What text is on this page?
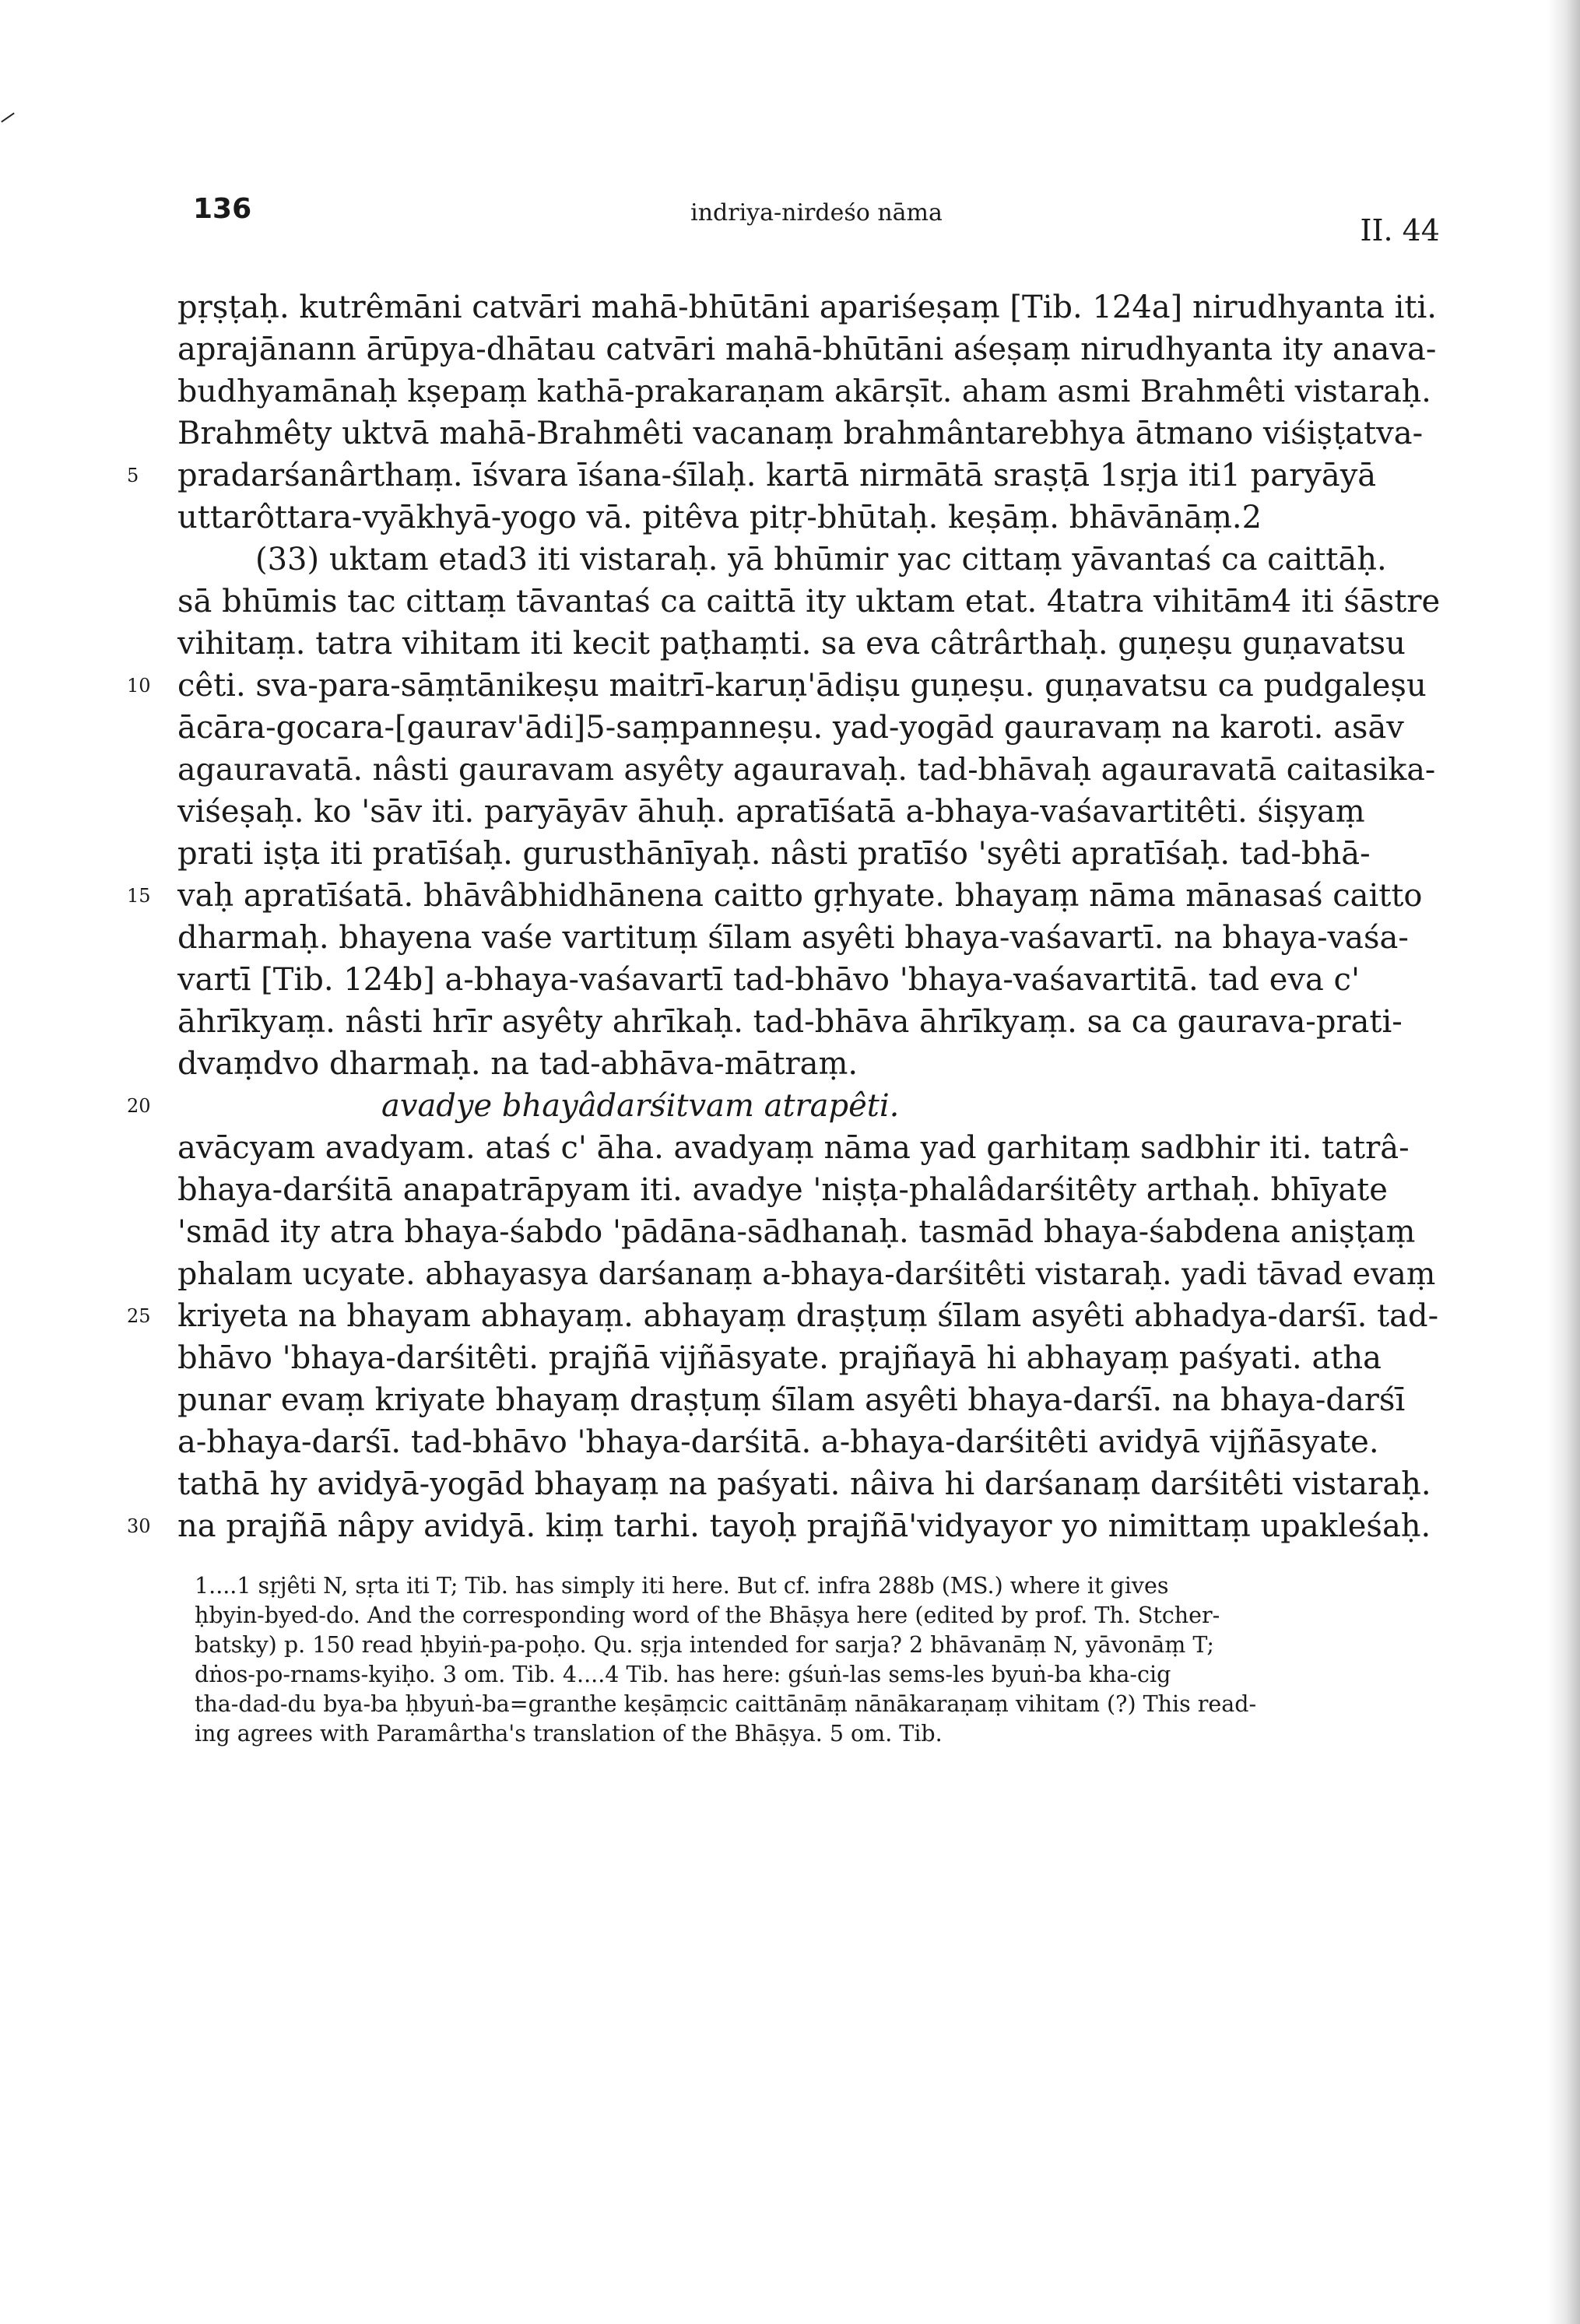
136	indriya-nirdeśo nāma
II. 44
pṛṣṭaḥ. kutrêmāni catvāri mahā-bhūtāni apariśeṣaṃ [Tib. 124a] nirudhyanta iti.
aprajānann ārūpya-dhātau catvāri mahā-bhūtāni aśeṣaṃ nirudhyanta ity anava-
budhyamānaḥ kṣepaṃ kathā-prakaraṇam akārṣīt. aham asmi Brahmêti vistaraḥ.
Brahmêty uktvā mahā-Brahmêti vacanaṃ brahmântarebhya ātmano viśiṣṭatva-
pradarśanârthaṃ. īśvara īśana-śīlaḥ. kartā nirmātā sraṣṭā 1sṛja iti1 paryāyā
uttarôttara-vyākhyā-yogo vā. pitêva pitṛ-bhūtaḥ. keṣāṃ. bhāvānāṃ.2
(33) uktam etad3 iti vistaraḥ. yā bhūmir yac cittaṃ yāvantaś ca caittāḥ.
sā bhūmis tac cittaṃ tāvantaś ca caittā ity uktam etat. 4tatra vihitām4 iti śāstre
vihitaṃ. tatra vihitam iti kecit paṭhaṃti. sa eva câtrârthaḥ. guṇeṣu guṇavatsu
cêti. sva-para-sāṃtānikeṣu maitrī-karuṇ'ādiṣu guṇeṣu. guṇavatsu ca pudgaleṣu
ācāra-gocara-[gaurav'ādi]5-saṃpanneṣu. yad-yogād gauravaṃ na karoti. asāv
agauravatā. nâsti gauravam asyêty agauravaḥ. tad-bhāvaḥ agauravatā caitasika-
viśeṣaḥ. ko 'sāv iti. paryāyāv āhuḥ. apratīśatā a-bhaya-vaśavartitêti. śiṣyaṃ
prati iṣṭa iti pratīśaḥ. gurusthānīyaḥ. nâsti pratīśo 'syêti apratīśaḥ. tad-bhā-
vaḥ apratīśatā. bhāvâbhidhānena caitto gṛhyate. bhayaṃ nāma mānasaś caitto
dharmaḥ. bhayena vaśe vartituṃ śīlam asyêti bhaya-vaśavartī. na bhaya-vaśa-
vartī [Tib. 124b] a-bhaya-vaśavartī tad-bhāvo 'bhaya-vaśavartitā. tad eva c'
āhrīkyaṃ. nâsti hrīr asyêty ahrīkaḥ. tad-bhāva āhrīkyaṃ. sa ca gaurava-prati-
dvaṃdvo dharmaḥ. na tad-abhāva-mātraṃ.
avadye bhayâdarśitvam atrapêti.
avācyam avadyam. ataś c' āha. avadyaṃ nāma yad garhitaṃ sadbhir iti. tatrâ-
bhaya-darśitā anapatrāpyam iti. avadye 'niṣṭa-phalâdarśitêty arthaḥ. bhīyate
'smād ity atra bhaya-śabdo 'pādāna-sādhanaḥ. tasmād bhaya-śabdena aniṣṭaṃ
phalam ucyate. abhayasya darśanaṃ a-bhaya-darśitêti vistaraḥ. yadi tāvad evaṃ
kriyeta na bhayam abhayaṃ. abhayaṃ draṣṭuṃ śīlam asyêti abhadya-darśī. tad-
bhāvo 'bhaya-darśitêti. prajñā vijñāsyate. prajñayā hi abhayaṃ paśyati. atha
punar evaṃ kriyate bhayaṃ draṣṭuṃ śīlam asyêti bhaya-darśī. na bhaya-darśī
a-bhaya-darśī. tad-bhāvo 'bhaya-darśitā. a-bhaya-darśitêti avidyā vijñāsyate.
tathā hy avidyā-yogād bhayaṃ na paśyati. nâiva hi darśanaṃ darśitêti vistaraḥ.
na prajñā nâpy avidyā. kiṃ tarhi. tayoḥ prajñā'vidyayor yo nimittaṃ upakleśaḥ.
5
10
15
20
25
30
1....1 sṛjêti N, sṛta iti T; Tib. has simply iti here. But cf. infra 288b (MS.) where it gives
ḥbyin-byed-do. And the corresponding word of the Bhāṣya here (edited by prof. Th. Stcher-
batsky) p. 150 read ḥbyiṅ-pa-poḥo. Qu. sṛja intended for sarja? 2 bhāvanāṃ N, yāvonāṃ T;
dṅos-po-rnams-kyiḥo. 3 om. Tib. 4....4 Tib. has here: gśuṅ-las sems-les byuṅ-ba kha-cig
tha-dad-du bya-ba ḥbyuṅ-ba=granthe keṣāṃcic caittānāṃ nānākaraṇaṃ vihitam (?) This read-
ing agrees with Paramârtha's translation of the Bhāṣya. 5 om. Tib.
